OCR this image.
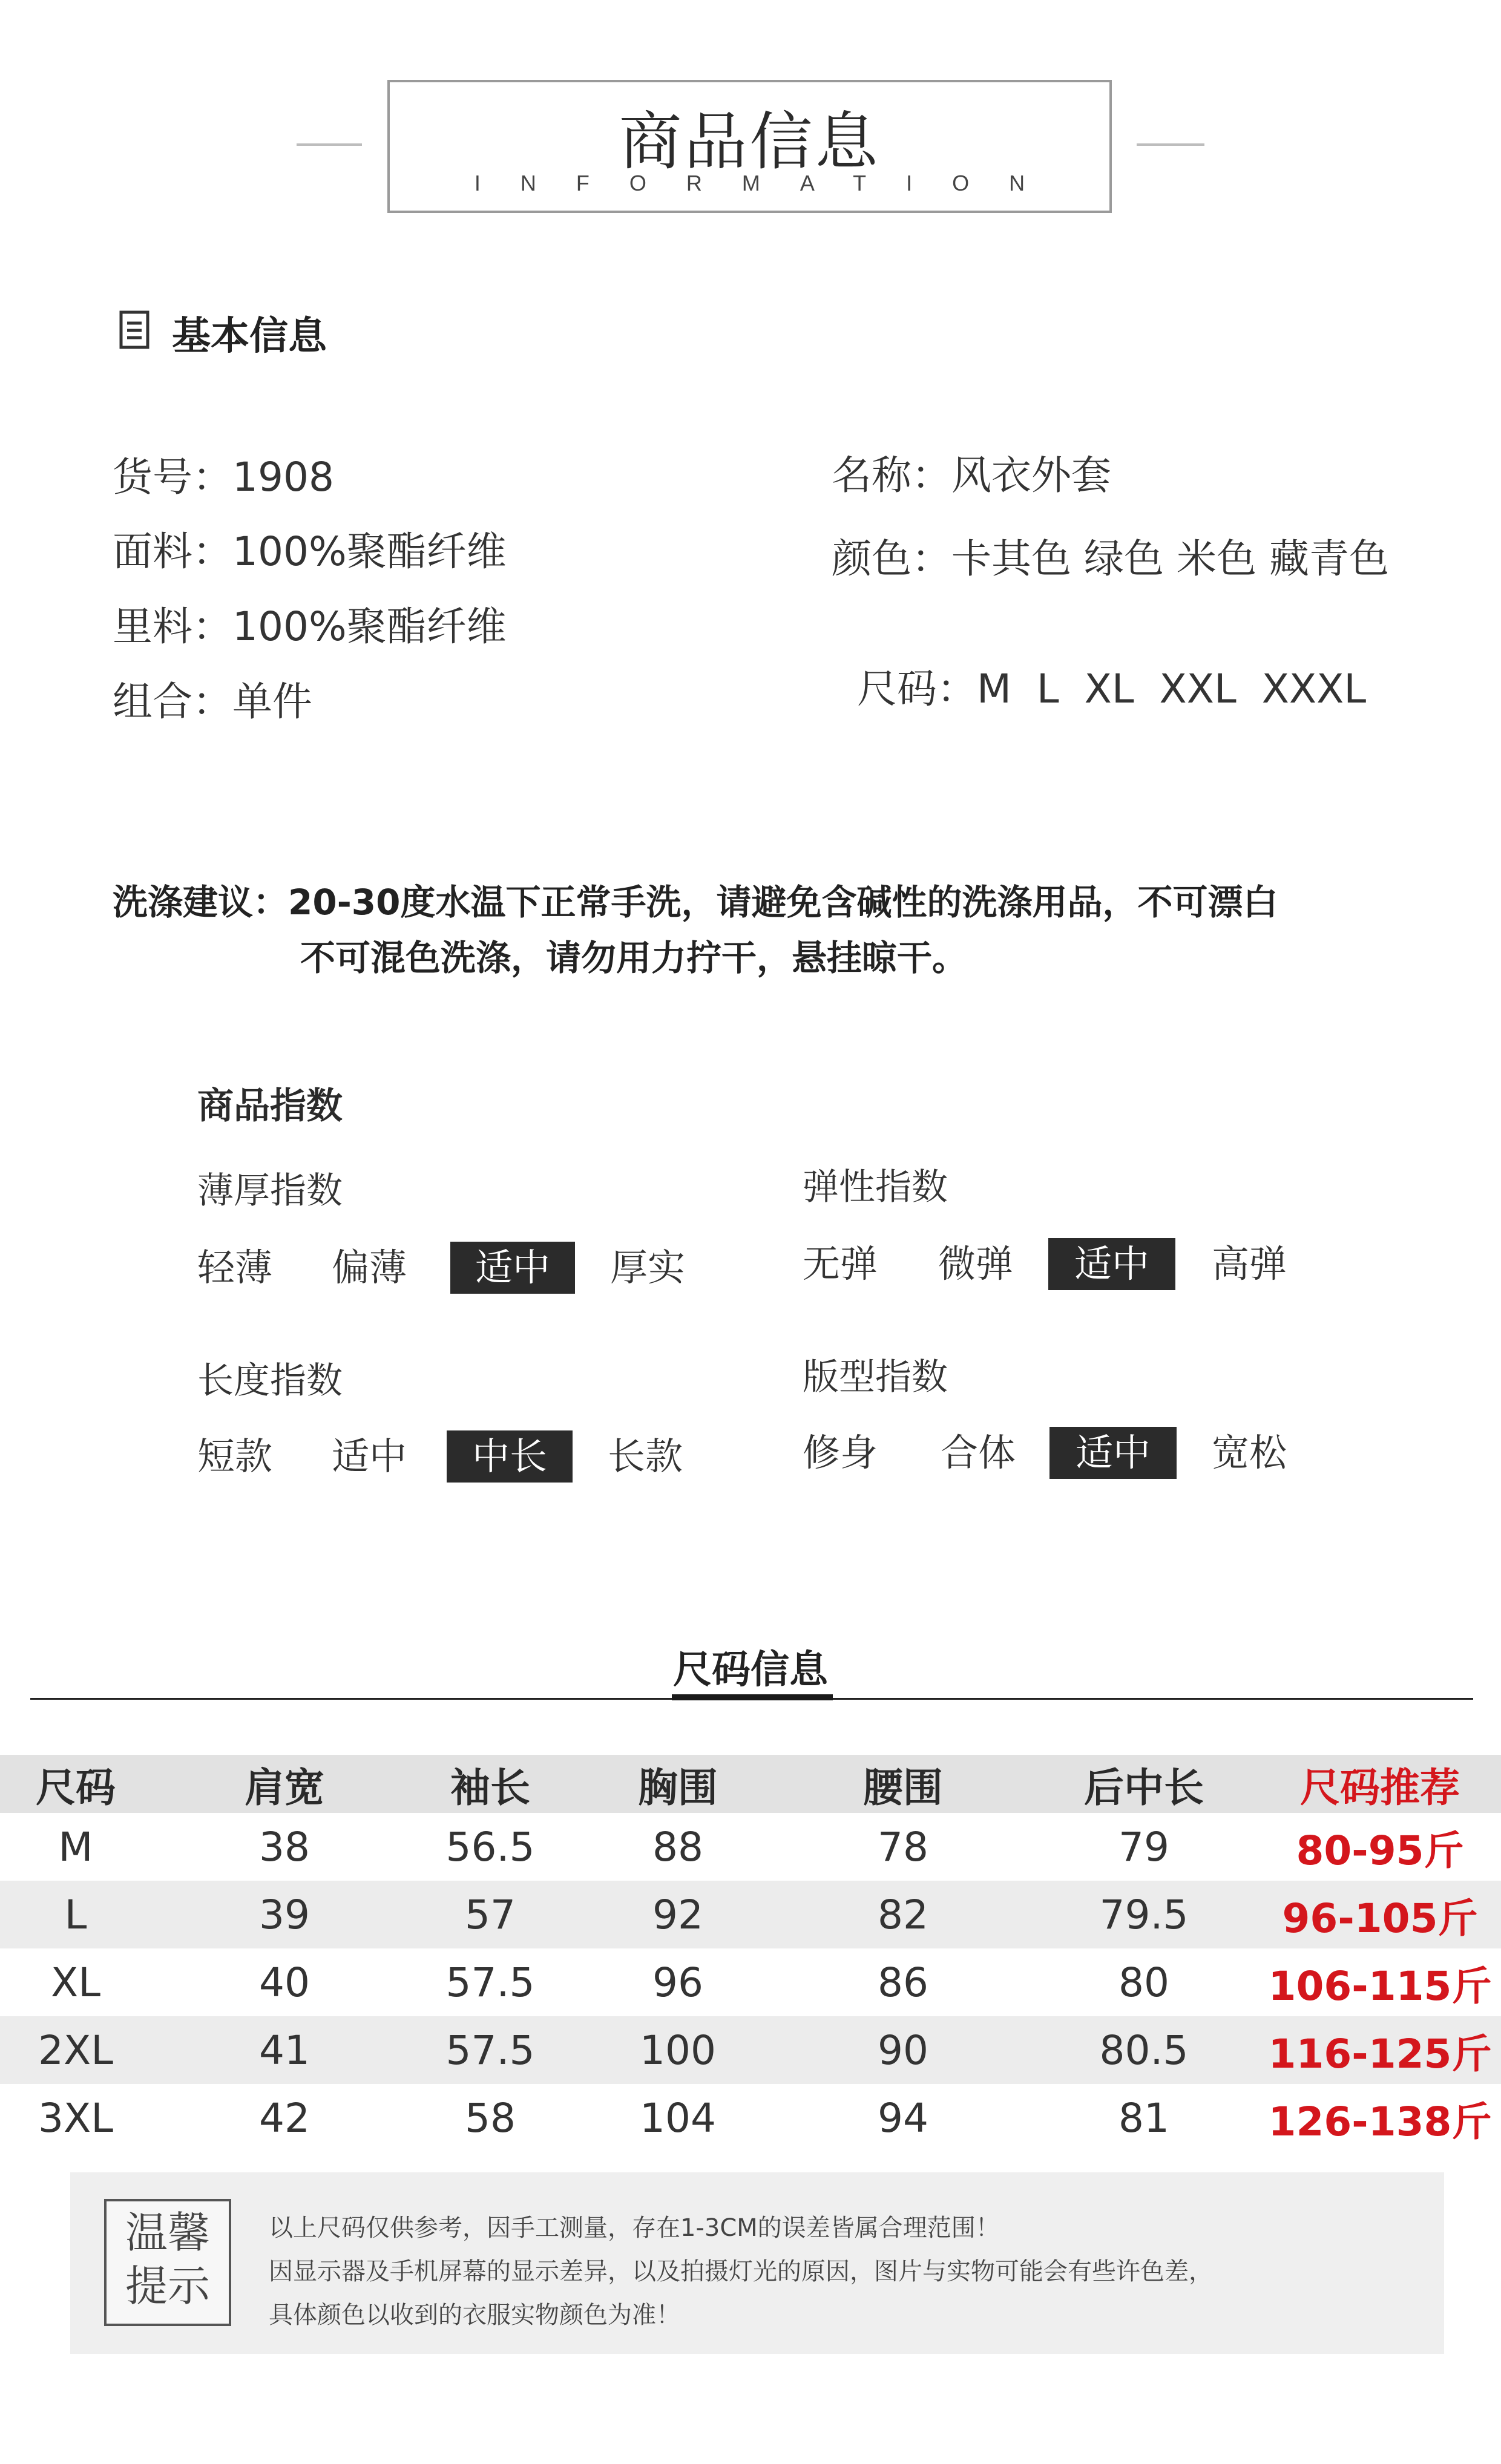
商品信息
INFORMATION
基本信息
货号：1908
面料：100%聚酯纤维
里料：100%聚酯纤维
组合：单件
名称：风衣外套
颜色：卡其色 绿色 米色 藏青色

尺码：M  L  XL  XXL  XXXL

洗涤建议：20-30度水温下正常手洗，请避免含碱性的洗涤用品，不可漂白
不可混色洗涤，请勿用力拧干，悬挂晾干。
商品指数
薄厚指数
轻薄 偏薄	适中	厚实
弹性指数
无弹 微弹	适中	高弹
长度指数
短款 适中	中长	长款
版型指数
修身 合体	适中	宽松
尺码信息
尺码	肩宽	袖长	胸围	腰围	后中长	尺码推荐
M	38	56.5	88	78	79	80-95斤
L	39	57	92	82	79.5	96-105斤
XL	40	57.5	96	86	80	106-115斤
2XL	41	57.5	100	90	80.5	116-125斤
3XL	42	58	104	94	81	126-138斤
温馨
提示
以上尺码仅供参考，因手工测量，存在1-3CM的误差皆属合理范围！
因显示器及手机屏幕的显示差异，以及拍摄灯光的原因，图片与实物可能会有些许色差，
具体颜色以收到的衣服实物颜色为准！
